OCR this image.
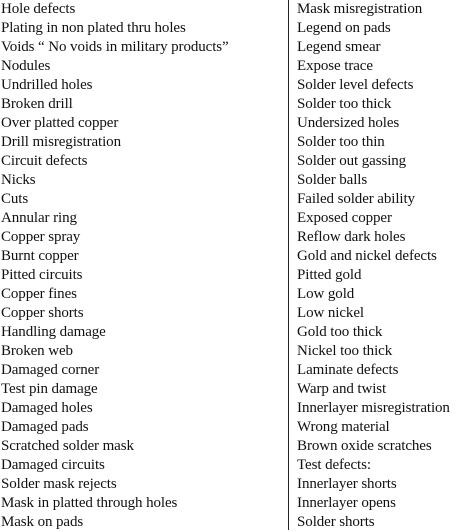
Hole defects
Plating in non plated thru holes
Voids “ No voids in military products”
Nodules
Undrilled holes
Broken drill
Over platted copper
Drill misregistration
Circuit defects
Nicks
Cuts
Annular ring
Copper spray
Burnt copper
Pitted circuits
Copper fines
Copper shorts
Handling damage
Broken web
Damaged corner
Test pin damage
Damaged holes
Damaged pads
Scratched solder mask
Damaged circuits
Solder mask rejects
Mask in platted through holes
Mask on pads
Mask misregistration
Legend on pads
Legend smear
Expose trace
Solder level defects
Solder too thick
Undersized holes
Solder too thin
Solder out gassing
Solder balls
Failed solder ability
Exposed copper
Reflow dark holes
Gold and nickel defects
Pitted gold
Low gold
Low nickel
Gold too thick
Nickel too thick
Laminate defects
Warp and twist
Innerlayer misregistration
Wrong material
Brown oxide scratches
Test defects:
Innerlayer shorts
Innerlayer opens
Solder shorts
